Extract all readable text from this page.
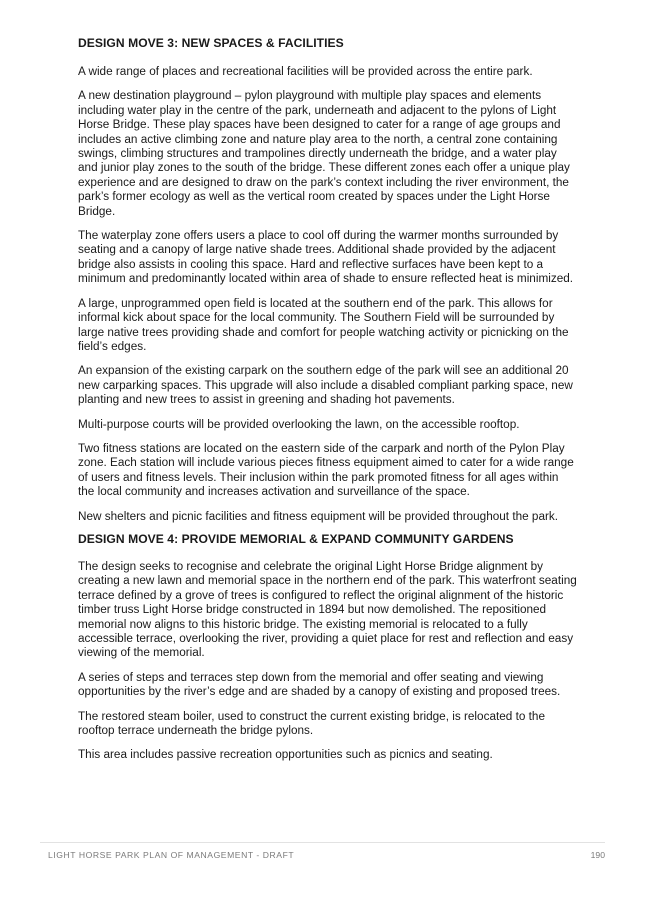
DESIGN MOVE 3: NEW SPACES & FACILITIES

A wide range of places and recreational facilities will be provided across the entire park.

A new destination playground – pylon playground with multiple play spaces and elements including water play in the centre of the park, underneath and adjacent to the pylons of Light Horse Bridge. These play spaces have been designed to cater for a range of age groups and includes an active climbing zone and nature play area to the north, a central zone containing swings, climbing structures and trampolines directly underneath the bridge, and a water play and junior play zones to the south of the bridge. These different zones each offer a unique play experience and are designed to draw on the park’s context including the river environment, the park’s former ecology as well as the vertical room created by spaces under the Light Horse Bridge.

The waterplay zone offers users a place to cool off during the warmer months surrounded by seating and a canopy of large native shade trees. Additional shade provided by the adjacent bridge also assists in cooling this space. Hard and reflective surfaces have been kept to a minimum and predominantly located within area of shade to ensure reflected heat is minimized.

A large, unprogrammed open field is located at the southern end of the park. This allows for informal kick about space for the local community. The Southern Field will be surrounded by large native trees providing shade and comfort for people watching activity or picnicking on the field’s edges.

An expansion of the existing carpark on the southern edge of the park will see an additional 20 new carparking spaces. This upgrade will also include a disabled compliant parking space, new planting and new trees to assist in greening and shading hot pavements.

Multi-purpose courts will be provided overlooking the lawn, on the accessible rooftop.

Two fitness stations are located on the eastern side of the carpark and north of the Pylon Play zone. Each station will include various pieces fitness equipment aimed to cater for a wide range of users and fitness levels. Their inclusion within the park promoted fitness for all ages within the local community and increases activation and surveillance of the space.

New shelters and picnic facilities and fitness equipment will be provided throughout the park.

DESIGN MOVE 4: PROVIDE MEMORIAL & EXPAND COMMUNITY GARDENS

The design seeks to recognise and celebrate the original Light Horse Bridge alignment by creating a new lawn and memorial space in the northern end of the park. This waterfront seating terrace defined by a grove of trees is configured to reflect the original alignment of the historic timber truss Light Horse bridge constructed in 1894 but now demolished. The repositioned memorial now aligns to this historic bridge. The existing memorial is relocated to a fully accessible terrace, overlooking the river, providing a quiet place for rest and reflection and easy viewing of the memorial.

A series of steps and terraces step down from the memorial and offer seating and viewing opportunities by the river’s edge and are shaded by a canopy of existing and proposed trees.

The restored steam boiler, used to construct the current existing bridge, is relocated to the rooftop terrace underneath the bridge pylons.

This area includes passive recreation opportunities such as picnics and seating.

LIGHT HORSE PARK PLAN OF MANAGEMENT - DRAFT	190
